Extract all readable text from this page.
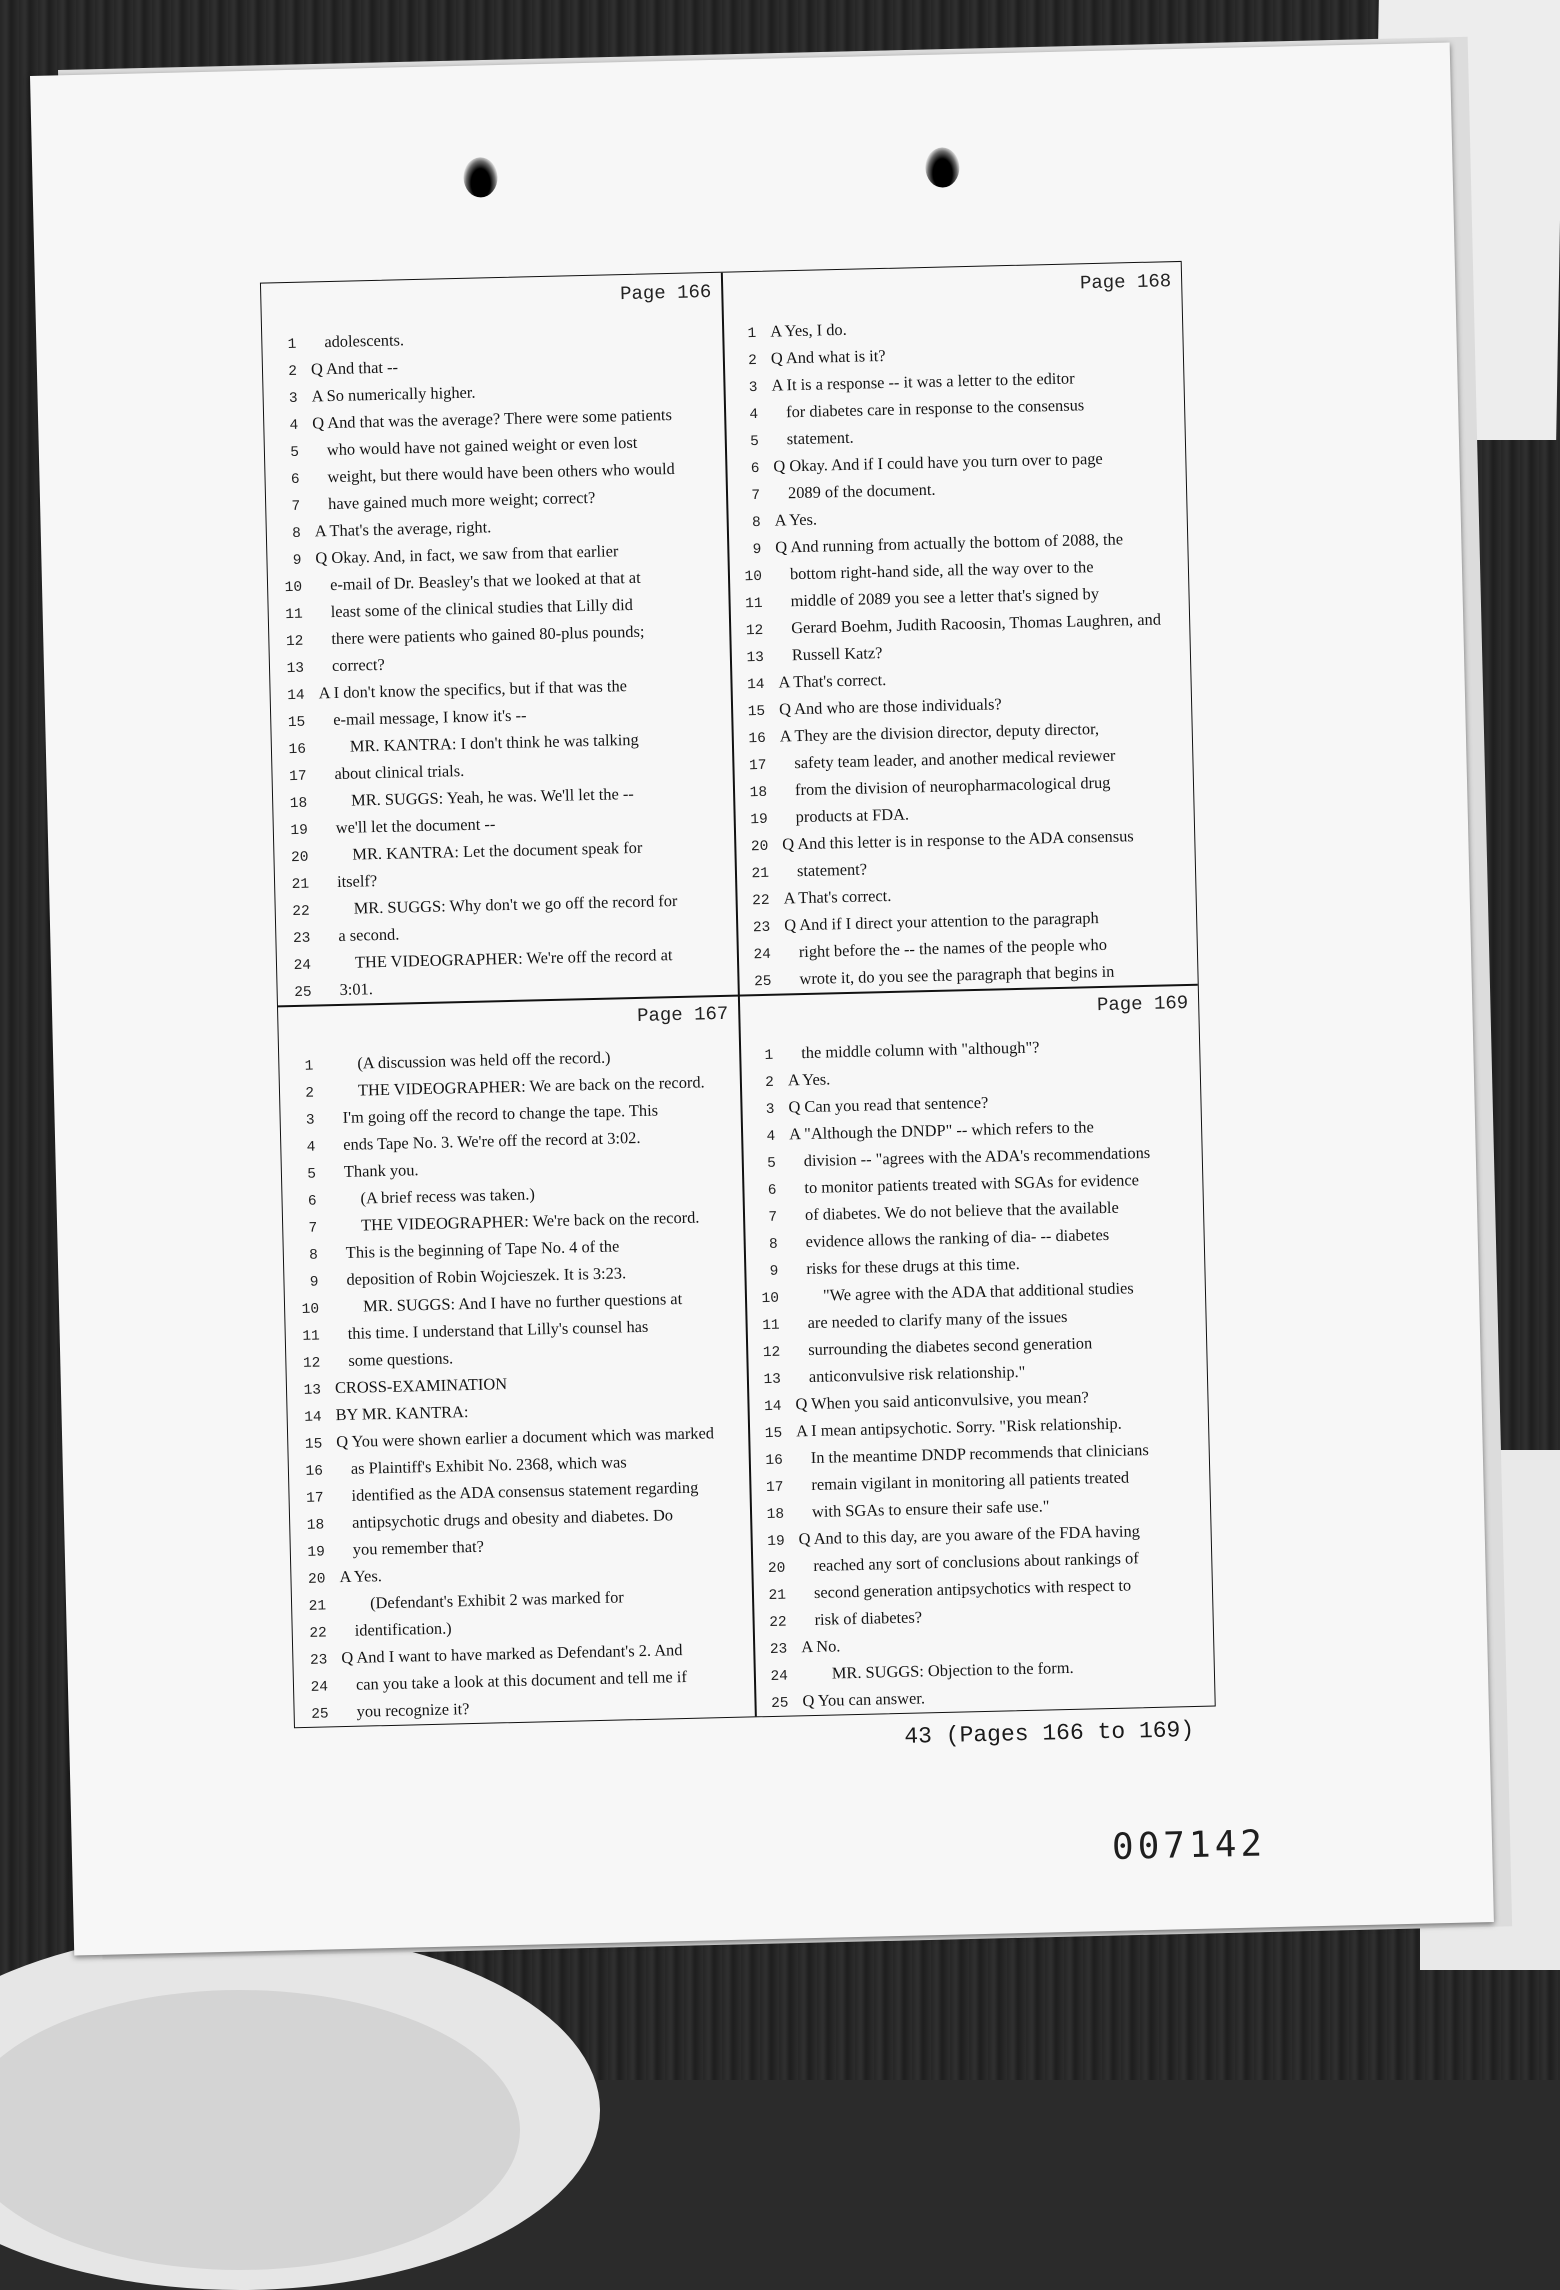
Page 166
1 adolescents.
2 Q And that --
3 A So numerically higher.
4 Q And that was the average? There were some patients
5 who would have not gained weight or even lost
6 weight, but there would have been others who would
7 have gained much more weight; correct?
8 A That's the average, right.
9 Q Okay. And, in fact, we saw from that earlier
10 e-mail of Dr. Beasley's that we looked at that at
11 least some of the clinical studies that Lilly did
12 there were patients who gained 80-plus pounds;
13 correct?
14 A I don't know the specifics, but if that was the
15 e-mail message, I know it's --
16	MR. KANTRA: I don't think he was talking
17 about clinical trials.
18	MR. SUGGS: Yeah, he was. We'll let the --
19 we'll let the document --
20	MR. KANTRA: Let the document speak for
21 itself?
22	MR. SUGGS: Why don't we go off the record for
23 a second.
24	THE VIDEOGRAPHER: We're off the record at
25 3:01.
Page 168
1 A Yes, I do.
2 Q And what is it?
3 A It is a response -- it was a letter to the editor
4 for diabetes care in response to the consensus
5 statement.
6 Q Okay. And if I could have you turn over to page
7 2089 of the document.
8 A Yes.
9 Q And running from actually the bottom of 2088, the
10 bottom right-hand side, all the way over to the
11 middle of 2089 you see a letter that's signed by
12 Gerard Boehm, Judith Racoosin, Thomas Laughren, and
13 Russell Katz?
14 A That's correct.
15 Q And who are those individuals?
16 A They are the division director, deputy director,
17 safety team leader, and another medical reviewer
18 from the division of neuropharmacological drug
19 products at FDA.
20 Q And this letter is in response to the ADA consensus
21 statement?
22 A That's correct.
23 Q And if I direct your attention to the paragraph
24 right before the -- the names of the people who
25 wrote it, do you see the paragraph that begins in
Page 167
1	(A discussion was held off the record.)
2	THE VIDEOGRAPHER: We are back on the record.
3 I'm going off the record to change the tape. This
4 ends Tape No. 3. We're off the record at 3:02.
5 Thank you.
6	(A brief recess was taken.)
7	THE VIDEOGRAPHER: We're back on the record.
8 This is the beginning of Tape No. 4 of the
9 deposition of Robin Wojcieszek. It is 3:23.
10	MR. SUGGS: And I have no further questions at
11 this time. I understand that Lilly's counsel has
12 some questions.
13 CROSS-EXAMINATION
14 BY MR. KANTRA:
15 Q You were shown earlier a document which was marked
16 as Plaintiff's Exhibit No. 2368, which was
17 identified as the ADA consensus statement regarding
18 antipsychotic drugs and obesity and diabetes. Do
19 you remember that?
20 A Yes.
21	(Defendant's Exhibit 2 was marked for
22 identification.)
23 Q And I want to have marked as Defendant's 2. And
24 can you take a look at this document and tell me if
25 you recognize it?
Page 169
1 the middle column with "although"?
2 A Yes.
3 Q Can you read that sentence?
4 A "Although the DNDP" -- which refers to the
5 division -- "agrees with the ADA's recommendations
6 to monitor patients treated with SGAs for evidence
7 of diabetes. We do not believe that the available
8 evidence allows the ranking of dia- -- diabetes
9 risks for these drugs at this time.
10	"We agree with the ADA that additional studies
11 are needed to clarify many of the issues
12 surrounding the diabetes second generation
13 anticonvulsive risk relationship."
14 Q When you said anticonvulsive, you mean?
15 A I mean antipsychotic. Sorry. "Risk relationship.
16 In the meantime DNDP recommends that clinicians
17 remain vigilant in monitoring all patients treated
18 with SGAs to ensure their safe use."
19 Q And to this day, are you aware of the FDA having
20 reached any sort of conclusions about rankings of
21 second generation antipsychotics with respect to
22 risk of diabetes?
23 A No.
24	MR. SUGGS: Objection to the form.
25 Q You can answer.
43 (Pages 166 to 169)
007142
